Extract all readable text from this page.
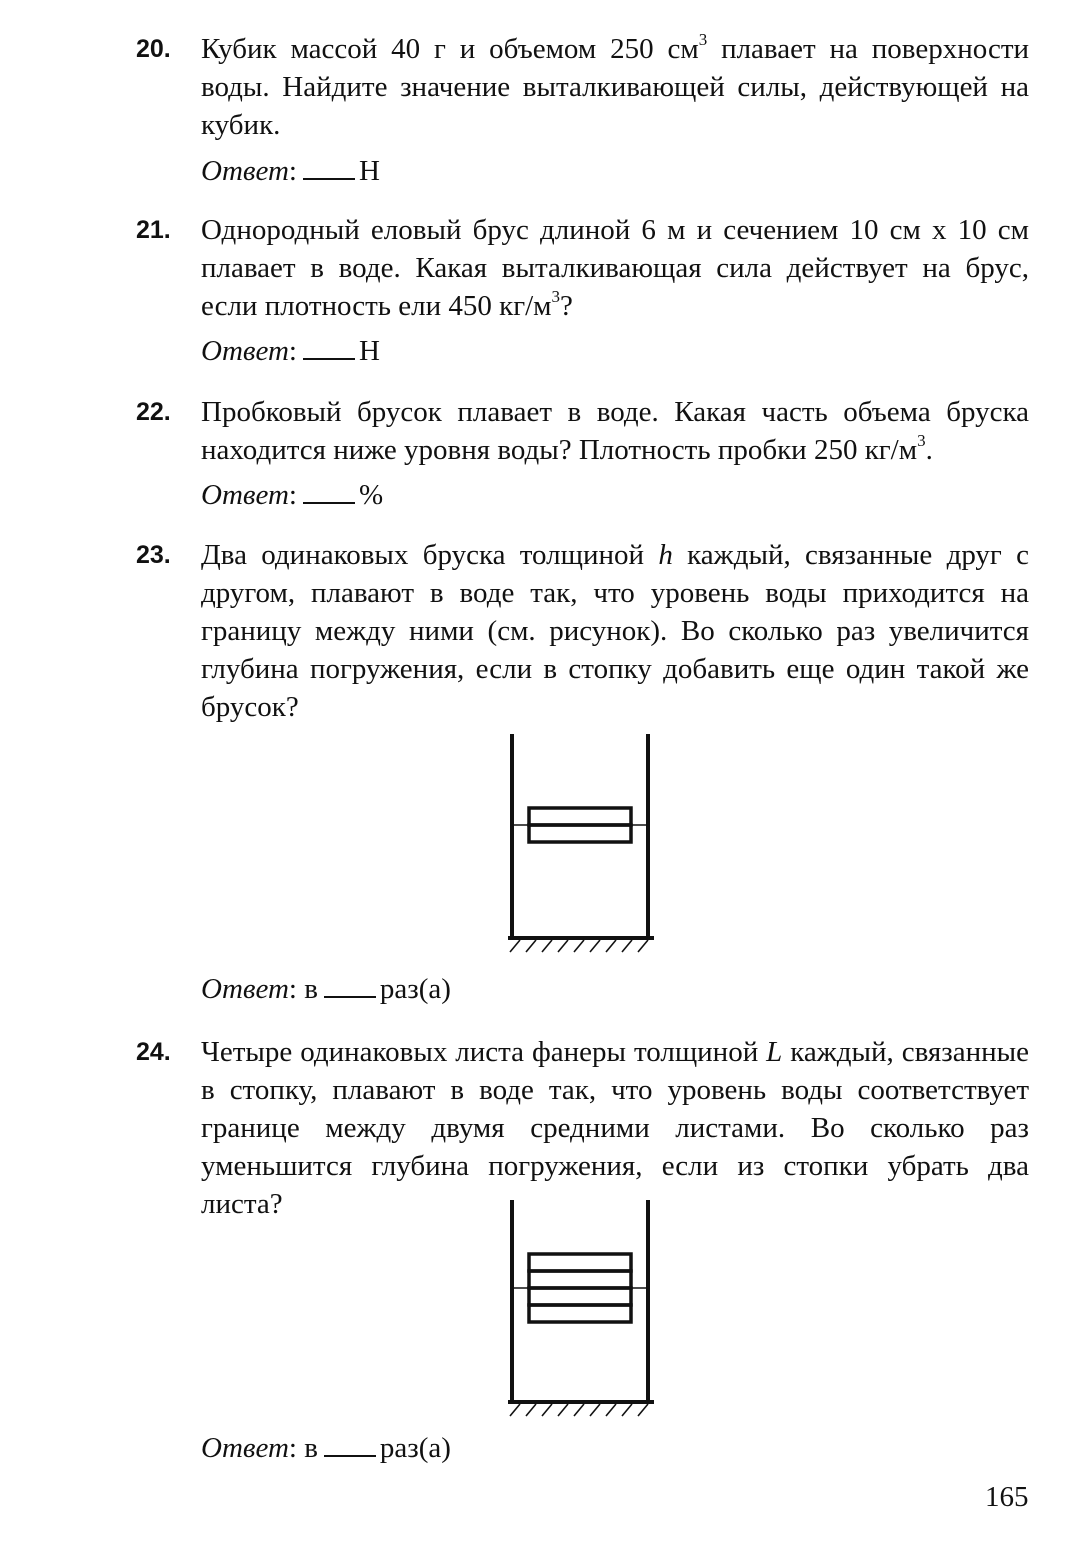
20. Кубик массой 40 г и объемом 250 $см^3$ плавает на поверхности воды. Найдите значение выталкивающей силы, действующей на кубик.
Ответ: Н
21. Однородный еловый брус длиной 6 м и сечением 10 см х 10 см плавает в воде. Какая выталкивающая сила действует на брус, если плотность ели 450 $кг/м^3$?
Ответ: Н
22. Пробковый брусок плавает в воде. Какая часть объема бруска находится ниже уровня воды? Плотность пробки 250 $кг/м^3$.
Ответ: %
23. Два одинаковых бруска толщиной h каждый, связанные друг с другом, плавают в воде так, что уровень воды приходится на границу между ними (см. рисунок). Во сколько раз увеличится глубина погружения, если в стопку добавить еще один такой же брусок?
Ответ: в раз(а)
24. Четыре одинаковых листа фанеры толщиной L каждый, связанные в стопку, плавают в воде так, что уровень воды соответствует границе между двумя средними листами. Во сколько раз уменьшится глубина погружения, если из стопки убрать два листа?
Ответ: в раз(а)
165
